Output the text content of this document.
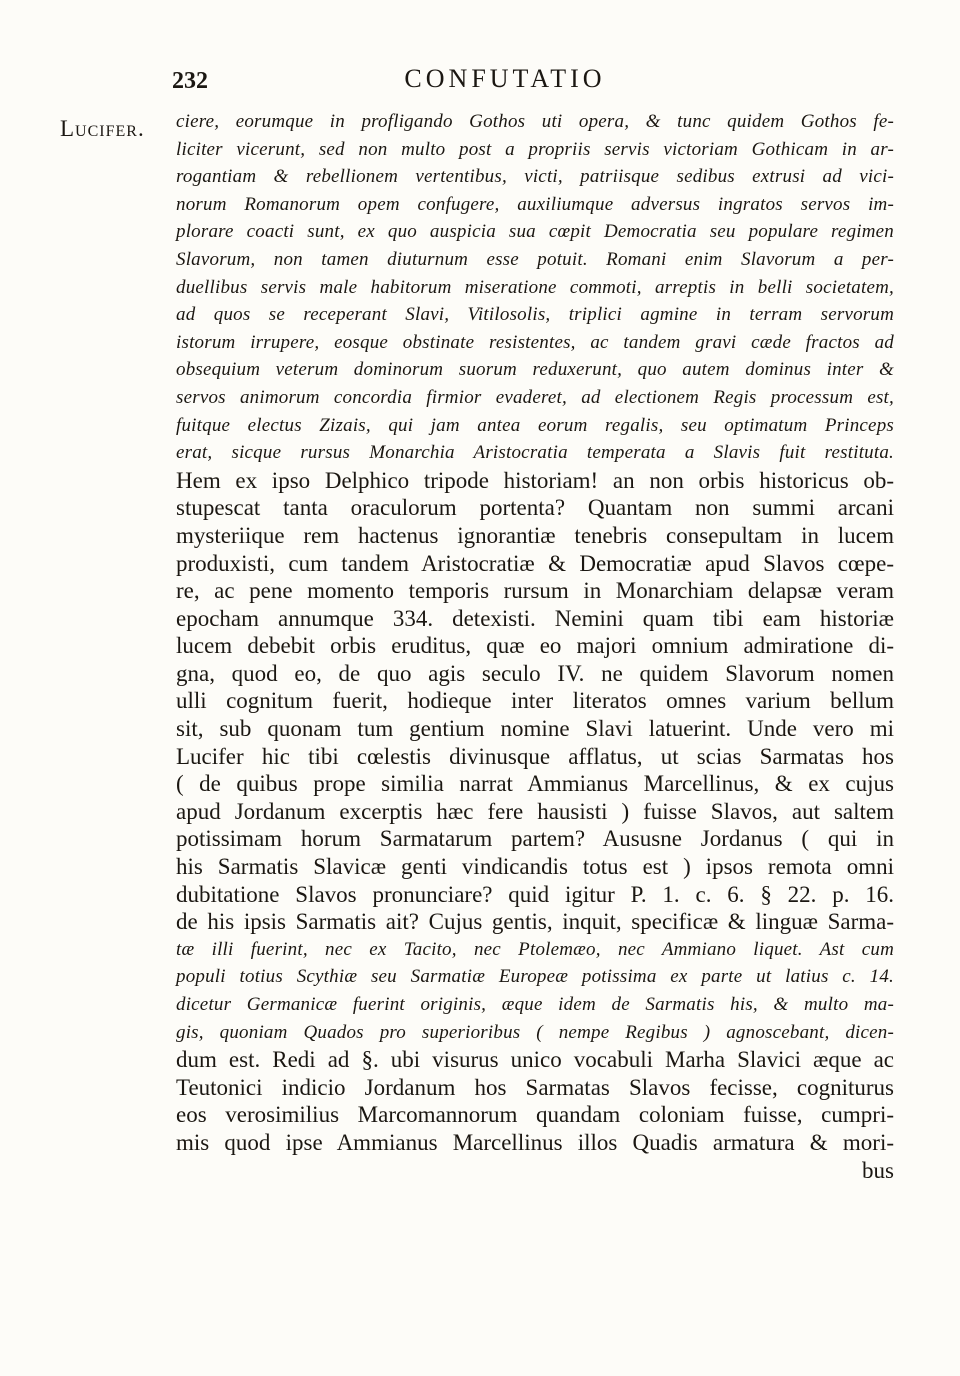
232	CONFUTATIO
Lucifer. ciere, eorumque in profligando Gothos uti opera, & tunc quidem Gothos fe-
liciter vicerunt, sed non multo post a propriis servis victoriam Gothicam in ar-
rogantiam & rebellionem vertentibus, victi, patriisque sedibus extrusi ad vici-
norum Romanorum opem confugere, auxiliumque adversus ingratos servos im-
plorare coacti sunt, ex quo auspicia sua cœpit Democratia seu populare regimen
Slavorum, non tamen diuturnum esse potuit. Romani enim Slavorum a per-
duellibus servis male habitorum miseratione commoti, arreptis in belli societatem,
ad quos se receperant Slavi, Vitilosolis, triplici agmine in terram servorum
istorum irrupere, eosque obstinate resistentes, ac tandem gravi cæde fractos ad
obsequium veterum dominorum suorum reduxerunt, quo autem dominus inter &
servos animorum concordia firmior evaderet, ad electionem Regis processum est,
fuitque electus Zizais, qui jam antea eorum regalis, seu optimatum Princeps
erat, sicque rursus Monarchia Aristocratia temperata a Slavis fuit restituta.
Hem ex ipso Delphico tripode historiam! an non orbis historicus ob-
stupescat tanta oraculorum portenta? Quantam non summi arcani
mysteriique rem hactenus ignorantiæ tenebris consepultam in lucem
produxisti, cum tandem Aristocratiæ & Democratiæ apud Slavos cœpe-
re, ac pene momento temporis rursum in Monarchiam delapsæ veram
epocham annumque 334. detexisti. Nemini quam tibi eam historiæ
lucem debebit orbis eruditus, quæ eo majori omnium admiratione di-
gna, quod eo, de quo agis seculo IV. ne quidem Slavorum nomen
ulli cognitum fuerit, hodieque inter literatos omnes varium bellum
sit, sub quonam tum gentium nomine Slavi latuerint. Unde vero mi
Lucifer hic tibi cœlestis divinusque afflatus, ut scias Sarmatas hos
( de quibus prope similia narrat Ammianus Marcellinus, & ex cujus
apud Jordanum excerptis hæc fere hausisti ) fuisse Slavos, aut saltem
potissimam horum Sarmatarum partem? Aususne Jordanus ( qui in
his Sarmatis Slavicæ genti vindicandis totus est ) ipsos remota omni
dubitatione Slavos pronunciare? quid igitur P. 1. c. 6. § 22. p. 16.
de his ipsis Sarmatis ait? Cujus gentis, inquit, specificæ & linguæ Sarma-
tæ illi fuerint, nec ex Tacito, nec Ptolemæo, nec Ammiano liquet. Ast cum
populi totius Scythiæ seu Sarmatiæ Europeæ potissima ex parte ut latius c. 14.
dicetur Germanicæ fuerint originis, æque idem de Sarmatis his, & multo ma-
gis, quoniam Quados pro superioribus ( nempe Regibus ) agnoscebant, dicen-
dum est. Redi ad §. ubi visurus unico vocabuli Marha Slavici æque ac
Teutonici indicio Jordanum hos Sarmatas Slavos fecisse, cogniturus
eos verosimilius Marcomannorum quandam coloniam fuisse, cumpri-
mis quod ipse Ammianus Marcellinus illos Quadis armatura & mori-
bus
